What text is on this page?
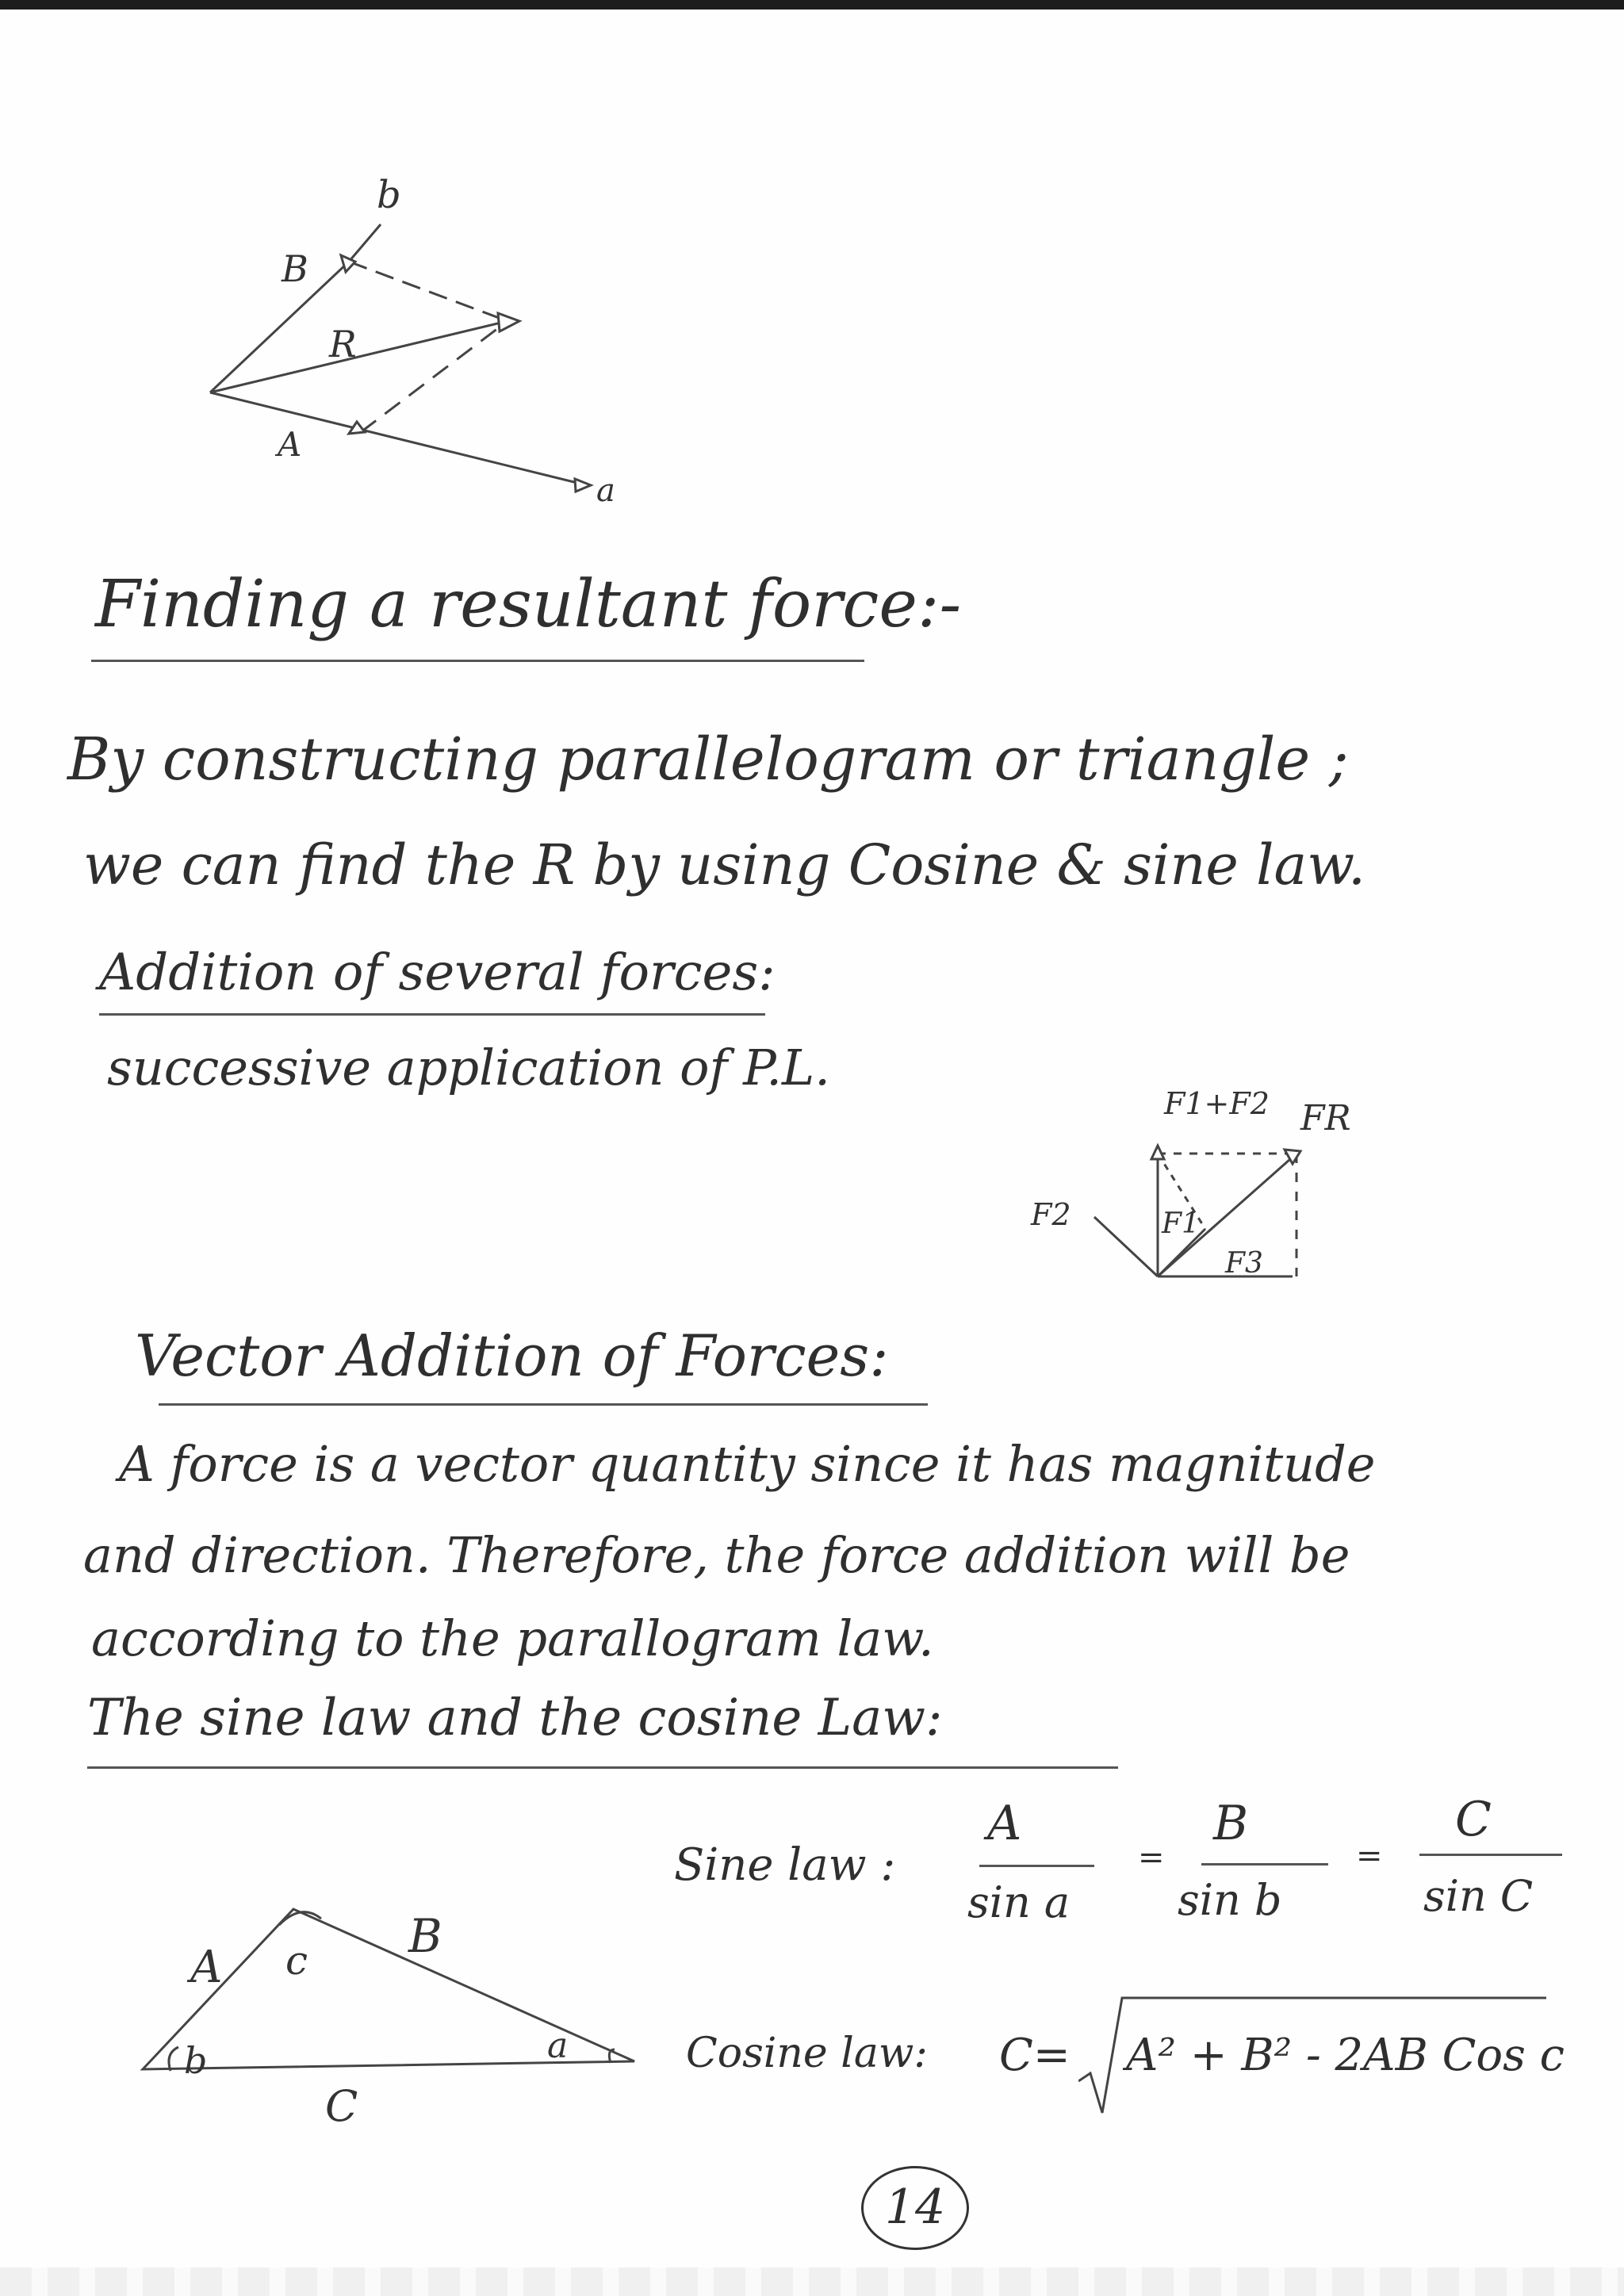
b
B
R
A
a
Finding a resultant force:-
By constructing parallelogram or triangle ;
we can find the R by using Cosine & sine law.
Addition of several forces:
successive application of P.L.
F1+F2 FR
F2	F1
F3
Vector Addition of Forces:
A force is a vector quantity since it has magnitude
and direction. Therefore, the force addition will be
according to the parallogram law.
The sine law and the cosine Law:
Sine law :
A
sin a
=
B
sin b
=
C
sin C
Cosine law: C= A² + B² - 2AB Cos c
A
B
c
b	a
C
14
